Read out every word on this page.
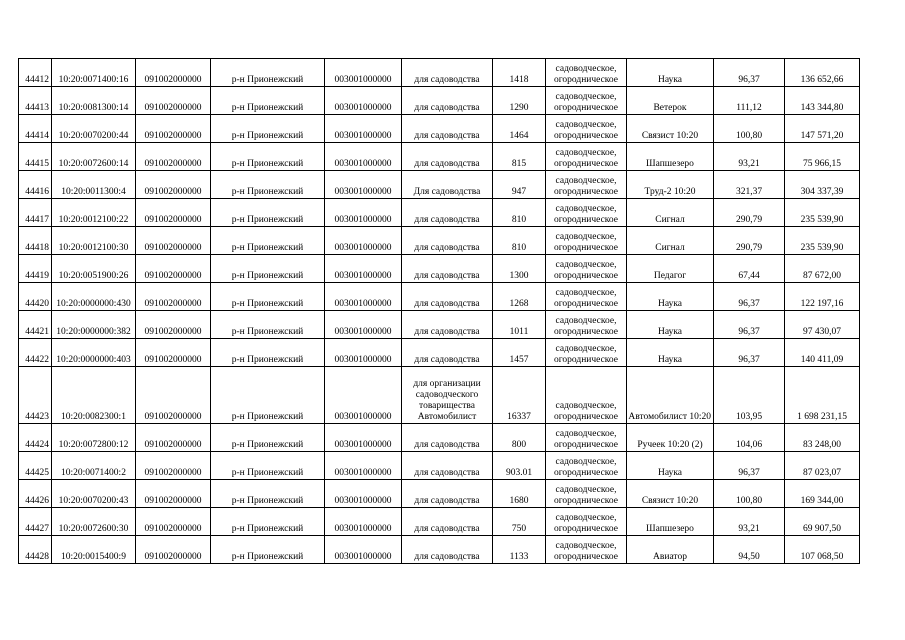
44412	10:20:0071400:16	091002000000	р-н Прионежский	003001000000	для садоводства	1418	садоводческое, огородническое	Наука	96,37	136 652,66
44413	10:20:0081300:14	091002000000	р-н Прионежский	003001000000	для садоводства	1290	садоводческое, огородническое	Ветерок	111,12	143 344,80
44414	10:20:0070200:44	091002000000	р-н Прионежский	003001000000	для садоводства	1464	садоводческое, огородническое	Связист 10:20	100,80	147 571,20
44415	10:20:0072600:14	091002000000	р-н Прионежский	003001000000	для садоводства	815	садоводческое, огородническое	Шапшезеро	93,21	75 966,15
44416	10:20:0011300:4	091002000000	р-н Прионежский	003001000000	Для садоводства	947	садоводческое, огородническое	Труд-2 10:20	321,37	304 337,39
44417	10:20:0012100:22	091002000000	р-н Прионежский	003001000000	для садоводства	810	садоводческое, огородническое	Сигнал	290,79	235 539,90
44418	10:20:0012100:30	091002000000	р-н Прионежский	003001000000	для садоводства	810	садоводческое, огородническое	Сигнал	290,79	235 539,90
44419	10:20:0051900:26	091002000000	р-н Прионежский	003001000000	для садоводства	1300	садоводческое, огородническое	Педагог	67,44	87 672,00
44420	10:20:0000000:430	091002000000	р-н Прионежский	003001000000	для садоводства	1268	садоводческое, огородническое	Наука	96,37	122 197,16
44421	10:20:0000000:382	091002000000	р-н Прионежский	003001000000	для садоводства	1011	садоводческое, огородническое	Наука	96,37	97 430,07
44422	10:20:0000000:403	091002000000	р-н Прионежский	003001000000	для садоводства	1457	садоводческое, огородническое	Наука	96,37	140 411,09
44423	10:20:0082300:1	091002000000	р-н Прионежский	003001000000	для организации садоводческого товарищества Автомобилист	16337	садоводческое, огородническое	Автомобилист 10:20	103,95	1 698 231,15
44424	10:20:0072800:12	091002000000	р-н Прионежский	003001000000	для садоводства	800	садоводческое, огородническое	Ручеек 10:20 (2)	104,06	83 248,00
44425	10:20:0071400:2	091002000000	р-н Прионежский	003001000000	для садоводства	903.01	садоводческое, огородническое	Наука	96,37	87 023,07
44426	10:20:0070200:43	091002000000	р-н Прионежский	003001000000	для садоводства	1680	садоводческое, огородническое	Связист 10:20	100,80	169 344,00
44427	10:20:0072600:30	091002000000	р-н Прионежский	003001000000	для садоводства	750	садоводческое, огородническое	Шапшезеро	93,21	69 907,50
44428	10:20:0015400:9	091002000000	р-н Прионежский	003001000000	для садоводства	1133	садоводческое, огородническое	Авиатор	94,50	107 068,50
